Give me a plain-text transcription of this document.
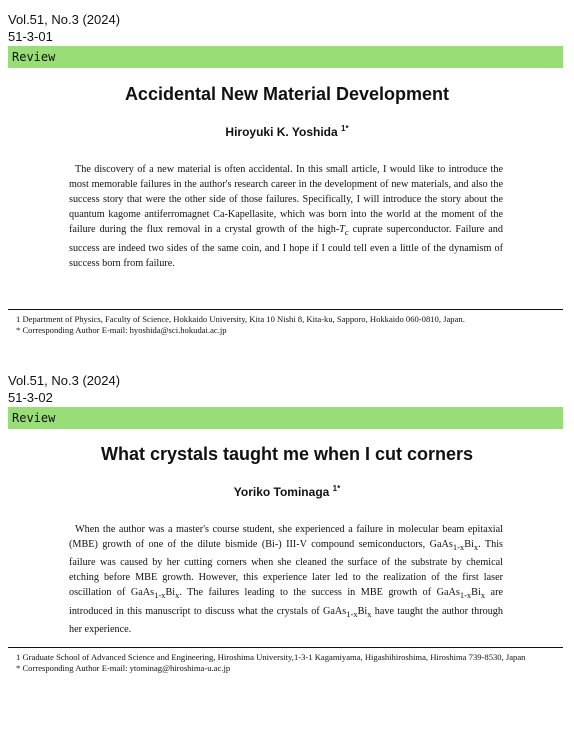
Vol.51, No.3 (2024)
51-3-01
Review
Accidental New Material Development
Hiroyuki K. Yoshida $^{1*}$
The discovery of a new material is often accidental. In this small article, I would like to introduce the most memorable failures in the author's research career in the development of new materials, and also the success story that were the other side of those failures. Specifically, I will introduce the story about the quantum kagome antiferromagnet Ca-Kapellasite, which was born into the world at the moment of the failure during the flux removal in a crystal growth of the high-$T_c$ cuprate superconductor. Failure and success are indeed two sides of the same coin, and I hope if I could tell even a little of the dynamism of success born from failure.
1 Department of Physics, Faculty of Science, Hokkaido University, Kita 10 Nishi 8, Kita-ku, Sapporo, Hokkaido 060-0810, Japan.
* Corresponding Author E-mail: hyoshida@sci.hokudai.ac.jp
Vol.51, No.3 (2024)
51-3-02
Review
What crystals taught me when I cut corners
Yoriko Tominaga $^{1*}$
When the author was a master's course student, she experienced a failure in molecular beam epitaxial (MBE) growth of one of the dilute bismide (Bi-) III-V compound semiconductors, $GaAs_{1-x}Bi_x$. This failure was caused by her cutting corners when she cleaned the surface of the substrate by chemical etching before MBE growth. However, this experience later led to the realization of the first laser oscillation of $GaAs_{1-x}Bi_x$. The failures leading to the success in MBE growth of $GaAs_{1-x}Bi_x$ are introduced in this manuscript to discuss what the crystals of $GaAs_{1-x}Bi_x$ have taught the author through her experience.
1 Graduate School of Advanced Science and Engineering, Hiroshima University,1-3-1 Kagamiyama, Higashihiroshima, Hiroshima 739-8530, Japan
* Corresponding Author E-mail: ytominag@hiroshima-u.ac.jp
